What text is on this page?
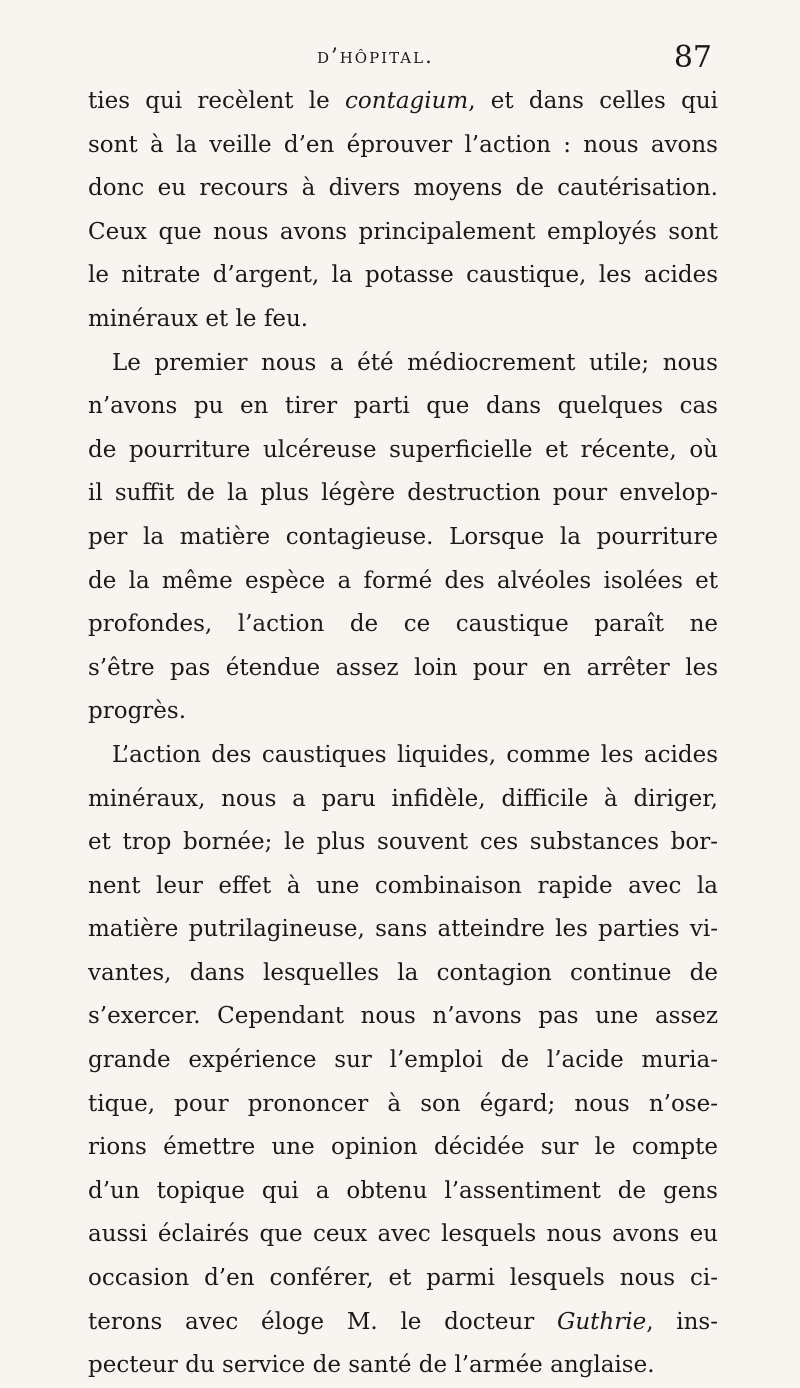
d’hôpital.	87
ties qui recèlent le contagium, et dans celles qui
sont à la veille d’en éprouver l’action : nous avons
donc eu recours à divers moyens de cautérisation.
Ceux que nous avons principalement employés sont
le nitrate d’argent, la potasse caustique, les acides
minéraux et le feu.
Le premier nous a été médiocrement utile; nous
n’avons pu en tirer parti que dans quelques cas
de pourriture ulcéreuse superficielle et récente, où
il suffit de la plus légère destruction pour envelop-
per la matière contagieuse. Lorsque la pourriture
de la même espèce a formé des alvéoles isolées et
profondes, l’action de ce caustique paraît ne
s’être pas étendue assez loin pour en arrêter les
progrès.
L’action des caustiques liquides, comme les acides
minéraux, nous a paru infidèle, difficile à diriger,
et trop bornée; le plus souvent ces substances bor-
nent leur effet à une combinaison rapide avec la
matière putrilagineuse, sans atteindre les parties vi-
vantes, dans lesquelles la contagion continue de
s’exercer. Cependant nous n’avons pas une assez
grande expérience sur l’emploi de l’acide muria-
tique, pour prononcer à son égard; nous n’ose-
rions émettre une opinion décidée sur le compte
d’un topique qui a obtenu l’assentiment de gens
aussi éclairés que ceux avec lesquels nous avons eu
occasion d’en conférer, et parmi lesquels nous ci-
terons avec éloge M. le docteur Guthrie, ins-
pecteur du service de santé de l’armée anglaise.
